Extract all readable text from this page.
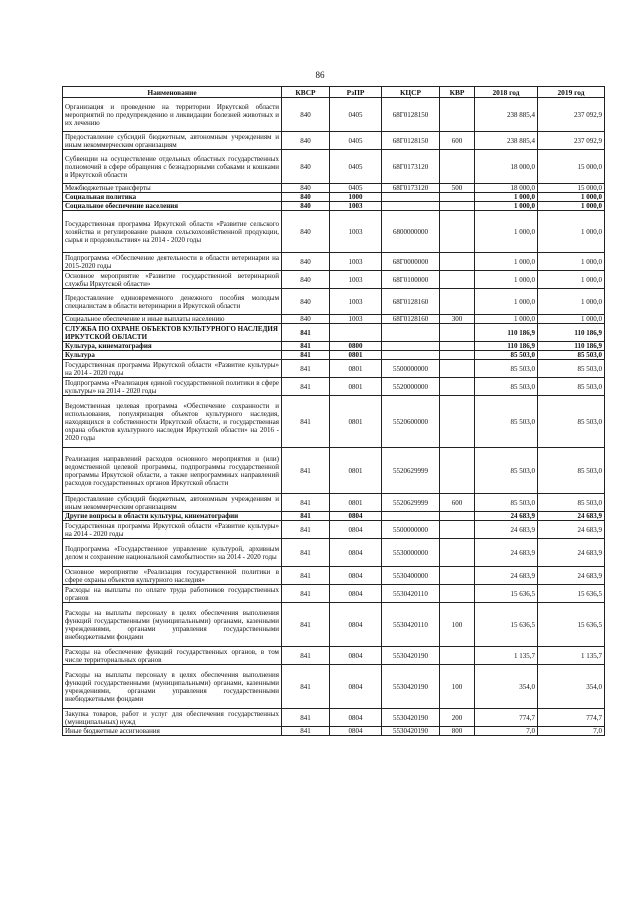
86
Наименование	КВСР	РзПР	КЦСР	КВР	2018 год	2019 год
Организация и проведение на территории Иркутской области мероприятий по предупреждению и ликвидации болезней животных и их лечению	840	0405	68Г0128150		238 885,4	237 092,9
Предоставление субсидий бюджетным, автономным учреждениям и иным некоммерческим организациям	840	0405	68Г0128150	600	238 885,4	237 092,9
Субвенции на осуществление отдельных областных государственных полномочий в сфере обращения с безнадзорными собаками и кошками в Иркутской области	840	0405	68Г0173120		18 000,0	15 000,0
Межбюджетные трансферты	840	0405	68Г0173120	500	18 000,0	15 000,0
Социальная политика	840	1000			1 000,0	1 000,0
Социальное обеспечение населения	840	1003			1 000,0	1 000,0
Государственная программа Иркутской области «Развитие сельского хозяйства и регулирование рынков сельскохозяйственной продукции, сырья и продовольствия» на 2014 - 2020 годы	840	1003	6800000000		1 000,0	1 000,0
Подпрограмма «Обеспечение деятельности в области ветеринарии на 2015-2020 годы	840	1003	68Г0000000		1 000,0	1 000,0
Основное мероприятие «Развитие государственной ветеринарной службы Иркутской области»	840	1003	68Г0100000		1 000,0	1 000,0
Предоставление единовременного денежного пособия молодым специалистам в области ветеринарии в Иркутской области	840	1003	68Г0128160		1 000,0	1 000,0
Социальное обеспечение и иные выплаты населению	840	1003	68Г0128160	300	1 000,0	1 000,0
СЛУЖБА ПО ОХРАНЕ ОБЪЕКТОВ КУЛЬТУРНОГО НАСЛЕДИЯ ИРКУТСКОЙ ОБЛАСТИ	841				110 186,9	110 186,9
Культура, кинематография	841	0800			110 186,9	110 186,9
Культура	841	0801			85 503,0	85 503,0
Государственная программа Иркутской области «Развитие культуры» на 2014 - 2020 годы	841	0801	5500000000		85 503,0	85 503,0
Подпрограмма «Реализация единой государственной политики в сфере культуры» на 2014 - 2020 годы	841	0801	5520000000		85 503,0	85 503,0
Ведомственная целевая программа «Обеспечение сохранности и использования, популяризация объектов культурного наследия, находящихся в собственности Иркутской области, и государственная охрана объектов культурного наследия Иркутской области» на 2016 - 2020 годы	841	0801	5520600000		85 503,0	85 503,0
Реализация направлений расходов основного мероприятия и (или) ведомственной целевой программы, подпрограммы государственной программы Иркутской области, а также непрограммных направлений расходов государственных органов Иркутской области	841	0801	5520629999		85 503,0	85 503,0
Предоставление субсидий бюджетным, автономным учреждениям и иным некоммерческим организациям	841	0801	5520629999	600	85 503,0	85 503,0
Другие вопросы в области культуры, кинематографии	841	0804			24 683,9	24 683,9
Государственная программа Иркутской области «Развитие культуры» на 2014 - 2020 годы	841	0804	5500000000		24 683,9	24 683,9
Подпрограмма «Государственное управление культурой, архивным делом и сохранение национальной самобытности» на 2014 - 2020 годы	841	0804	5530000000		24 683,9	24 683,9
Основное мероприятие «Реализация государственной политики в сфере охраны объектов культурного наследия»	841	0804	5530400000		24 683,9	24 683,9
Расходы на выплаты по оплате труда работников государственных органов	841	0804	5530420110		15 636,5	15 636,5
Расходы на выплаты персоналу в целях обеспечения выполнения функций государственными (муниципальными) органами, казенными учреждениями, органами управления государственными внебюджетными фондами	841	0804	5530420110	100	15 636,5	15 636,5
Расходы на обеспечение функций государственных органов, в том числе территориальных органов	841	0804	5530420190		1 135,7	1 135,7
Расходы на выплаты персоналу в целях обеспечения выполнения функций государственными (муниципальными) органами, казенными учреждениями, органами управления государственными внебюджетными фондами	841	0804	5530420190	100	354,0	354,0
Закупка товаров, работ и услуг для обеспечения государственных (муниципальных) нужд	841	0804	5530420190	200	774,7	774,7
Иные бюджетные ассигнования	841	0804	5530420190	800	7,0	7,0
